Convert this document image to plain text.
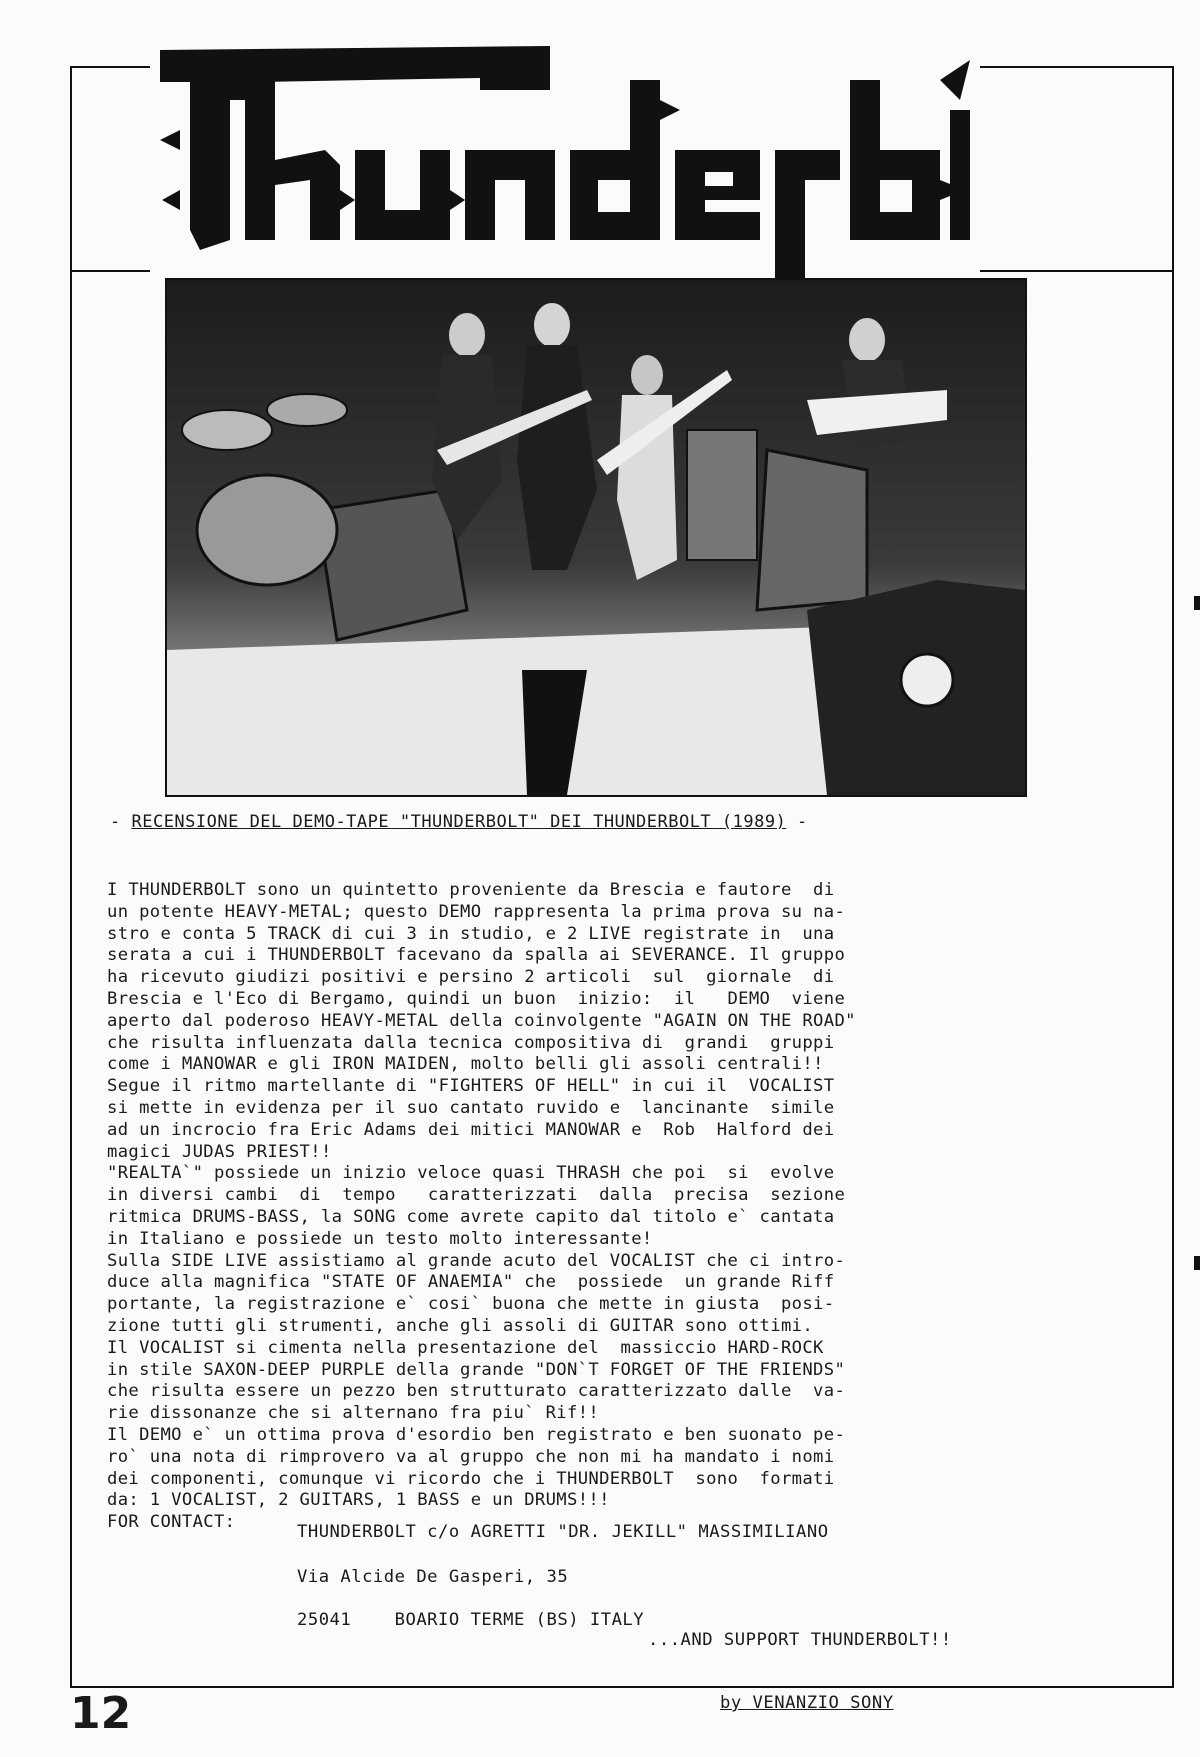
- RECENSIONE DEL DEMO-TAPE "THUNDERBOLT" DEI THUNDERBOLT (1989) -
I THUNDERBOLT sono un quintetto proveniente da Brescia e fautore  di
un potente HEAVY-METAL; questo DEMO rappresenta la prima prova su na-
stro e conta 5 TRACK di cui 3 in studio, e 2 LIVE registrate in  una
serata a cui i THUNDERBOLT facevano da spalla ai SEVERANCE. Il gruppo
ha ricevuto giudizi positivi e persino 2 articoli  sul  giornale  di
Brescia e l'Eco di Bergamo, quindi un buon  inizio:  il   DEMO  viene
aperto dal poderoso HEAVY-METAL della coinvolgente "AGAIN ON THE ROAD"
che risulta influenzata dalla tecnica compositiva di  grandi  gruppi
come i MANOWAR e gli IRON MAIDEN, molto belli gli assoli centrali!!
Segue il ritmo martellante di "FIGHTERS OF HELL" in cui il  VOCALIST
si mette in evidenza per il suo cantato ruvido e  lancinante  simile
ad un incrocio fra Eric Adams dei mitici MANOWAR e  Rob  Halford dei
magici JUDAS PRIEST!!
"REALTA`" possiede un inizio veloce quasi THRASH che poi  si  evolve
in diversi cambi  di  tempo   caratterizzati  dalla  precisa  sezione
ritmica DRUMS-BASS, la SONG come avrete capito dal titolo e` cantata
in Italiano e possiede un testo molto interessante!
Sulla SIDE LIVE assistiamo al grande acuto del VOCALIST che ci intro-
duce alla magnifica "STATE OF ANAEMIA" che  possiede  un grande Riff
portante, la registrazione e` cosi` buona che mette in giusta  posi-
zione tutti gli strumenti, anche gli assoli di GUITAR sono ottimi.
Il VOCALIST si cimenta nella presentazione del  massiccio HARD-ROCK
in stile SAXON-DEEP PURPLE della grande "DON`T FORGET OF THE FRIENDS"
che risulta essere un pezzo ben strutturato caratterizzato dalle  va-
rie dissonanze che si alternano fra piu` Rif!!
Il DEMO e` un ottima prova d'esordio ben registrato e ben suonato pe-
ro` una nota di rimprovero va al gruppo che non mi ha mandato i nomi
dei componenti, comunque vi ricordo che i THUNDERBOLT  sono  formati
da: 1 VOCALIST, 2 GUITARS, 1 BASS e un DRUMS!!!
FOR CONTACT:	THUNDERBOLT c/o AGRETTI "DR. JEKILL" MASSIMILIANO
Via Alcide De Gasperi, 35
25041    BOARIO TERME (BS) ITALY
...AND SUPPORT THUNDERBOLT!!
12	by VENANZIO SONY
